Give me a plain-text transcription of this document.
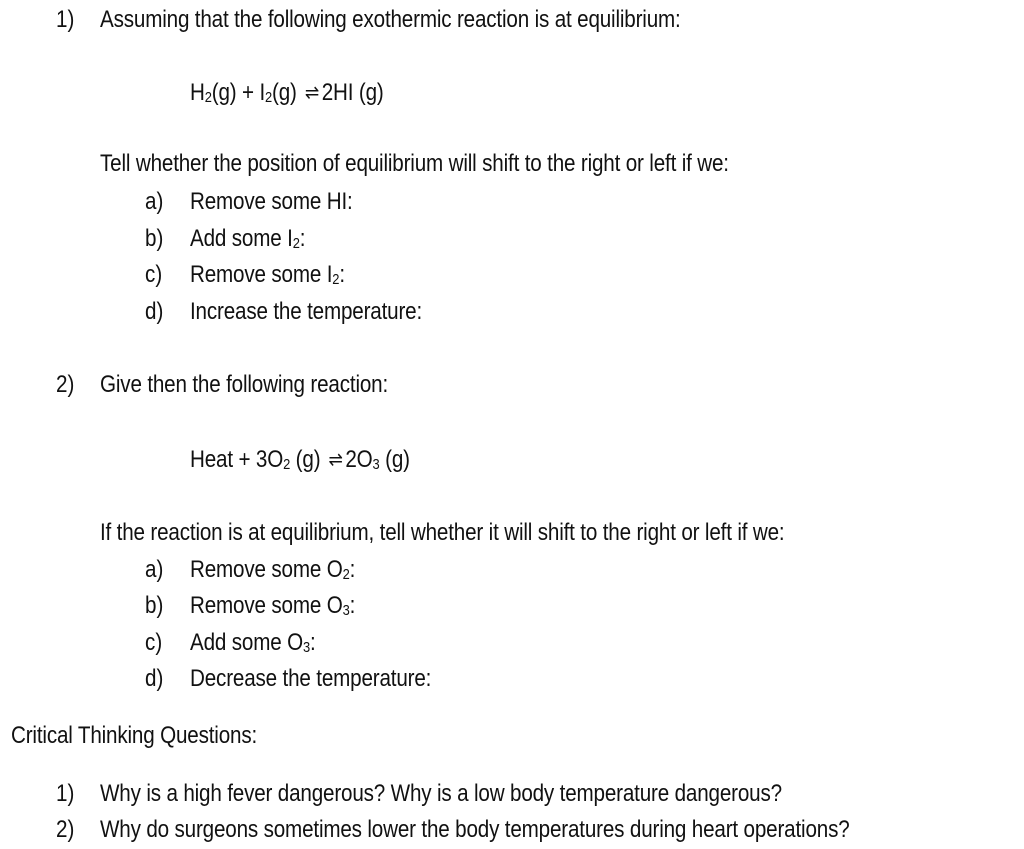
1) Assuming that the following exothermic reaction is at equilibrium:
$H_2(g) + I_2(g)$ ⇌ 2HI (g)
Tell whether the position of equilibrium will shift to the right or left if we:
a) Remove some HI:
b) Add some $I_2$:
c) Remove some $I_2$:
d) Increase the temperature:
2) Give then the following reaction:
Heat + $3O_2$ (g) ⇌ $2O_3$ (g)
If the reaction is at equilibrium, tell whether it will shift to the right or left if we:
a) Remove some $O_2$:
b) Remove some $O_3$:
c) Add some $O_3$:
d) Decrease the temperature:
Critical Thinking Questions:
1) Why is a high fever dangerous? Why is a low body temperature dangerous?
2) Why do surgeons sometimes lower the body temperatures during heart operations?
